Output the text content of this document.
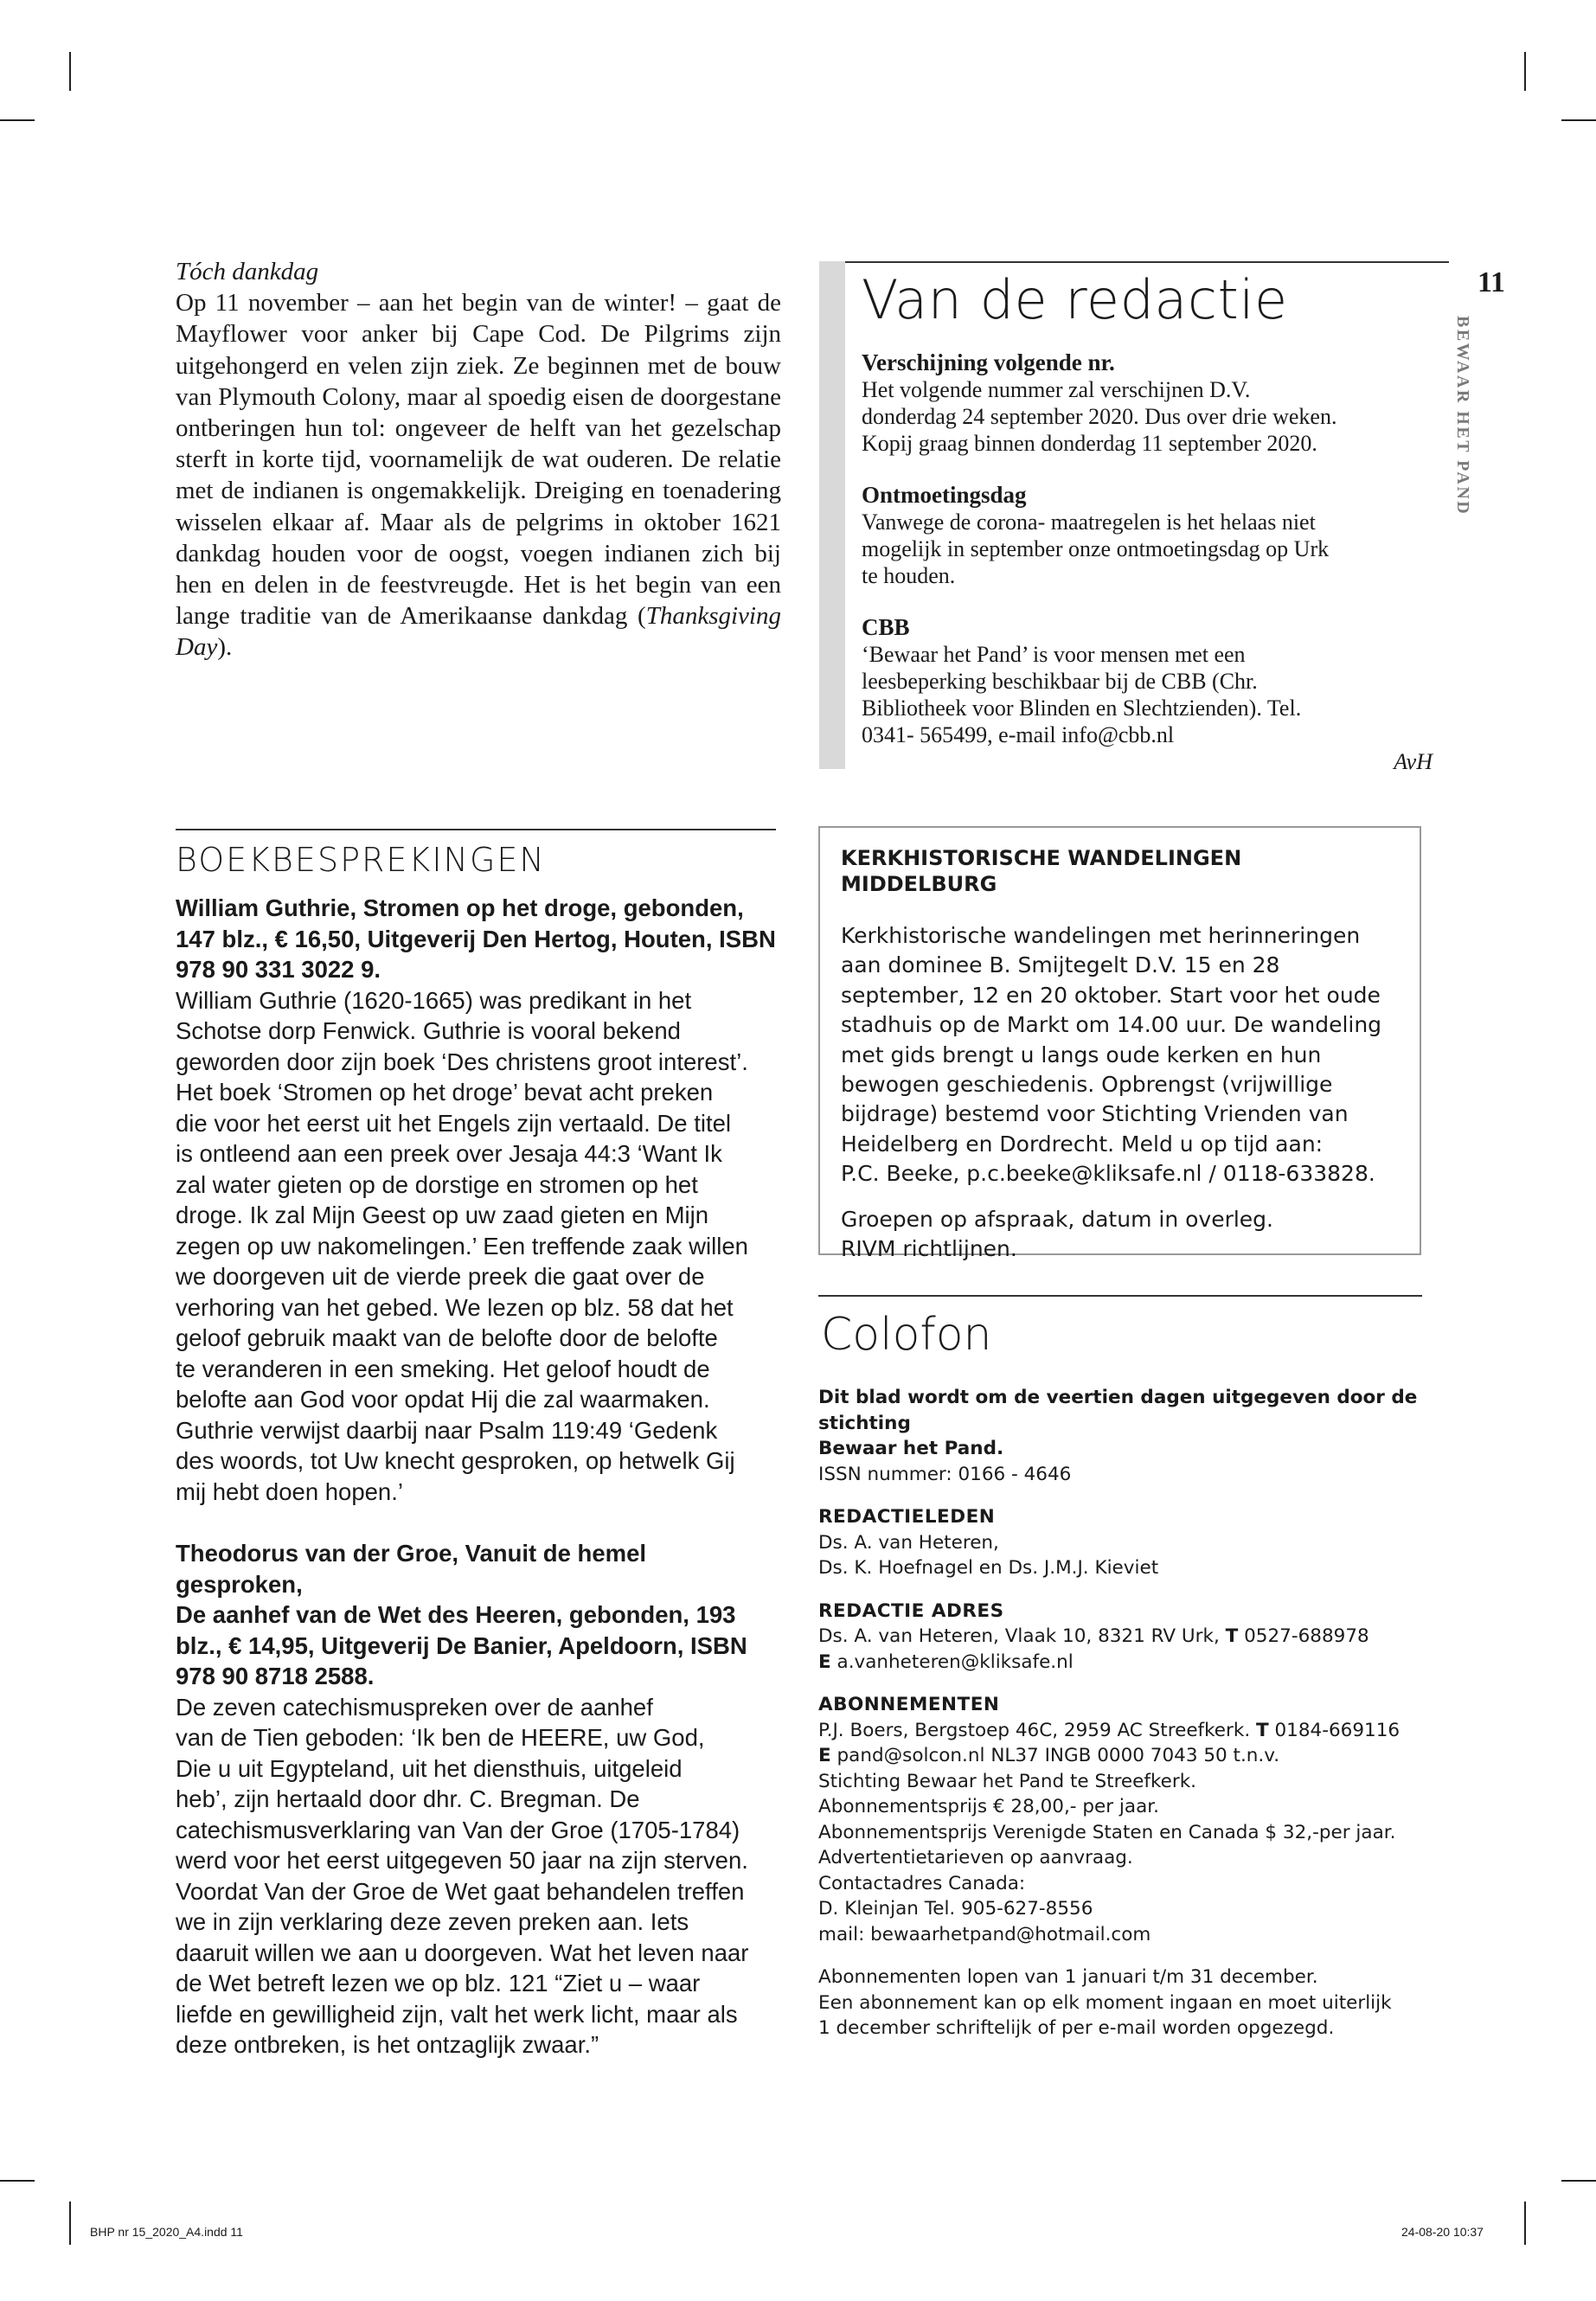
Tóch dankdag
Op 11 november – aan het begin van de winter! – gaat de Mayflower voor anker bij Cape Cod. De Pilgrims zijn uitgehongerd en velen zijn ziek. Ze beginnen met de bouw van Plymouth Colony, maar al spoedig eisen de doorgestane ontberingen hun tol: ongeveer de helft van het gezelschap sterft in korte tijd, voornamelijk de wat ouderen. De relatie met de indianen is ongemakkelijk. Dreiging en toenadering wisselen elkaar af. Maar als de pelgrims in oktober 1621 dankdag houden voor de oogst, voegen indianen zich bij hen en delen in de feestvreugde. Het is het begin van een lange traditie van de Amerikaanse dankdag (Thanksgiving Day).
Van de redactie
Verschijning volgende nr.
Het volgende nummer zal verschijnen D.V.
donderdag 24 september 2020. Dus over drie weken.
Kopij graag binnen donderdag 11 september 2020.
Ontmoetingsdag
Vanwege de corona- maatregelen is het helaas niet
mogelijk in september onze ontmoetingsdag op Urk
te houden.
CBB
‘Bewaar het Pand’ is voor mensen met een
leesbeperking beschikbaar bij de CBB (Chr.
Bibliotheek voor Blinden en Slechtzienden). Tel.
0341- 565499, e-mail info@cbb.nl
AvH
11
BEWAAR HET PAND
BOEKBESPREKINGEN
William Guthrie, Stromen op het droge, gebonden,
147 blz., € 16,50, Uitgeverij Den Hertog, Houten, ISBN
978 90 331 3022 9.
William Guthrie (1620-1665) was predikant in het
Schotse dorp Fenwick. Guthrie is vooral bekend
geworden door zijn boek ‘Des christens groot interest’.
Het boek ‘Stromen op het droge’ bevat acht preken
die voor het eerst uit het Engels zijn vertaald. De titel
is ontleend aan een preek over Jesaja 44:3 ‘Want Ik
zal water gieten op de dorstige en stromen op het
droge. Ik zal Mijn Geest op uw zaad gieten en Mijn
zegen op uw nakomelingen.’ Een treffende zaak willen
we doorgeven uit de vierde preek die gaat over de
verhoring van het gebed. We lezen op blz. 58 dat het
geloof gebruik maakt van de belofte door de belofte
te veranderen in een smeking. Het geloof houdt de
belofte aan God voor opdat Hij die zal waarmaken.
Guthrie verwijst daarbij naar Psalm 119:49 ‘Gedenk
des woords, tot Uw knecht gesproken, op hetwelk Gij
mij hebt doen hopen.’
Theodorus van der Groe, Vanuit de hemel gesproken,
De aanhef van de Wet des Heeren, gebonden, 193
blz., € 14,95, Uitgeverij De Banier, Apeldoorn, ISBN
978 90 8718 2588.
De zeven catechismuspreken over de aanhef
van de Tien geboden: ‘Ik ben de HEERE, uw God,
Die u uit Egypteland, uit het diensthuis, uitgeleid
heb’, zijn hertaald door dhr. C. Bregman. De
catechismusverklaring van Van der Groe (1705-1784)
werd voor het eerst uitgegeven 50 jaar na zijn sterven.
Voordat Van der Groe de Wet gaat behandelen treffen
we in zijn verklaring deze zeven preken aan. Iets
daaruit willen we aan u doorgeven. Wat het leven naar
de Wet betreft lezen we op blz. 121 “Ziet u – waar
liefde en gewilligheid zijn, valt het werk licht, maar als
deze ontbreken, is het ontzaglijk zwaar.”
KERKHISTORISCHE WANDELINGEN MIDDELBURG
Kerkhistorische wandelingen met herinneringen
aan dominee B. Smijtegelt D.V. 15 en 28
september, 12 en 20 oktober. Start voor het oude
stadhuis op de Markt om 14.00 uur. De wandeling
met gids brengt u langs oude kerken en hun
bewogen geschiedenis. Opbrengst (vrijwillige
bijdrage) bestemd voor Stichting Vrienden van
Heidelberg en Dordrecht. Meld u op tijd aan:
P.C. Beeke, p.c.beeke@kliksafe.nl / 0118-633828.
Groepen op afspraak, datum in overleg.
RIVM richtlijnen.
Colofon
Dit blad wordt om de veertien dagen uitgegeven door de stichting
Bewaar het Pand.
ISSN nummer: 0166 - 4646
REDACTIELEDEN
Ds. A. van Heteren,
Ds. K. Hoefnagel en Ds. J.M.J. Kieviet
REDACTIE ADRES
Ds. A. van Heteren, Vlaak 10, 8321 RV Urk, T 0527-688978
E a.vanheteren@kliksafe.nl
ABONNEMENTEN
P.J. Boers, Bergstoep 46C, 2959 AC Streefkerk. T 0184-669116
E pand@solcon.nl NL37 INGB 0000 7043 50 t.n.v.
Stichting Bewaar het Pand te Streefkerk.
Abonnementsprijs € 28,00,- per jaar.
Abonnementsprijs Verenigde Staten en Canada $ 32,-per jaar.
Advertentietarieven op aanvraag.
Contactadres Canada:
D. Kleinjan Tel. 905-627-8556
mail: bewaarhetpand@hotmail.com
Abonnementen lopen van 1 januari t/m 31 december.
Een abonnement kan op elk moment ingaan en moet uiterlijk
1 december schriftelijk of per e-mail worden opgezegd.
BHP nr 15_2020_A4.indd 11	24-08-20 10:37
